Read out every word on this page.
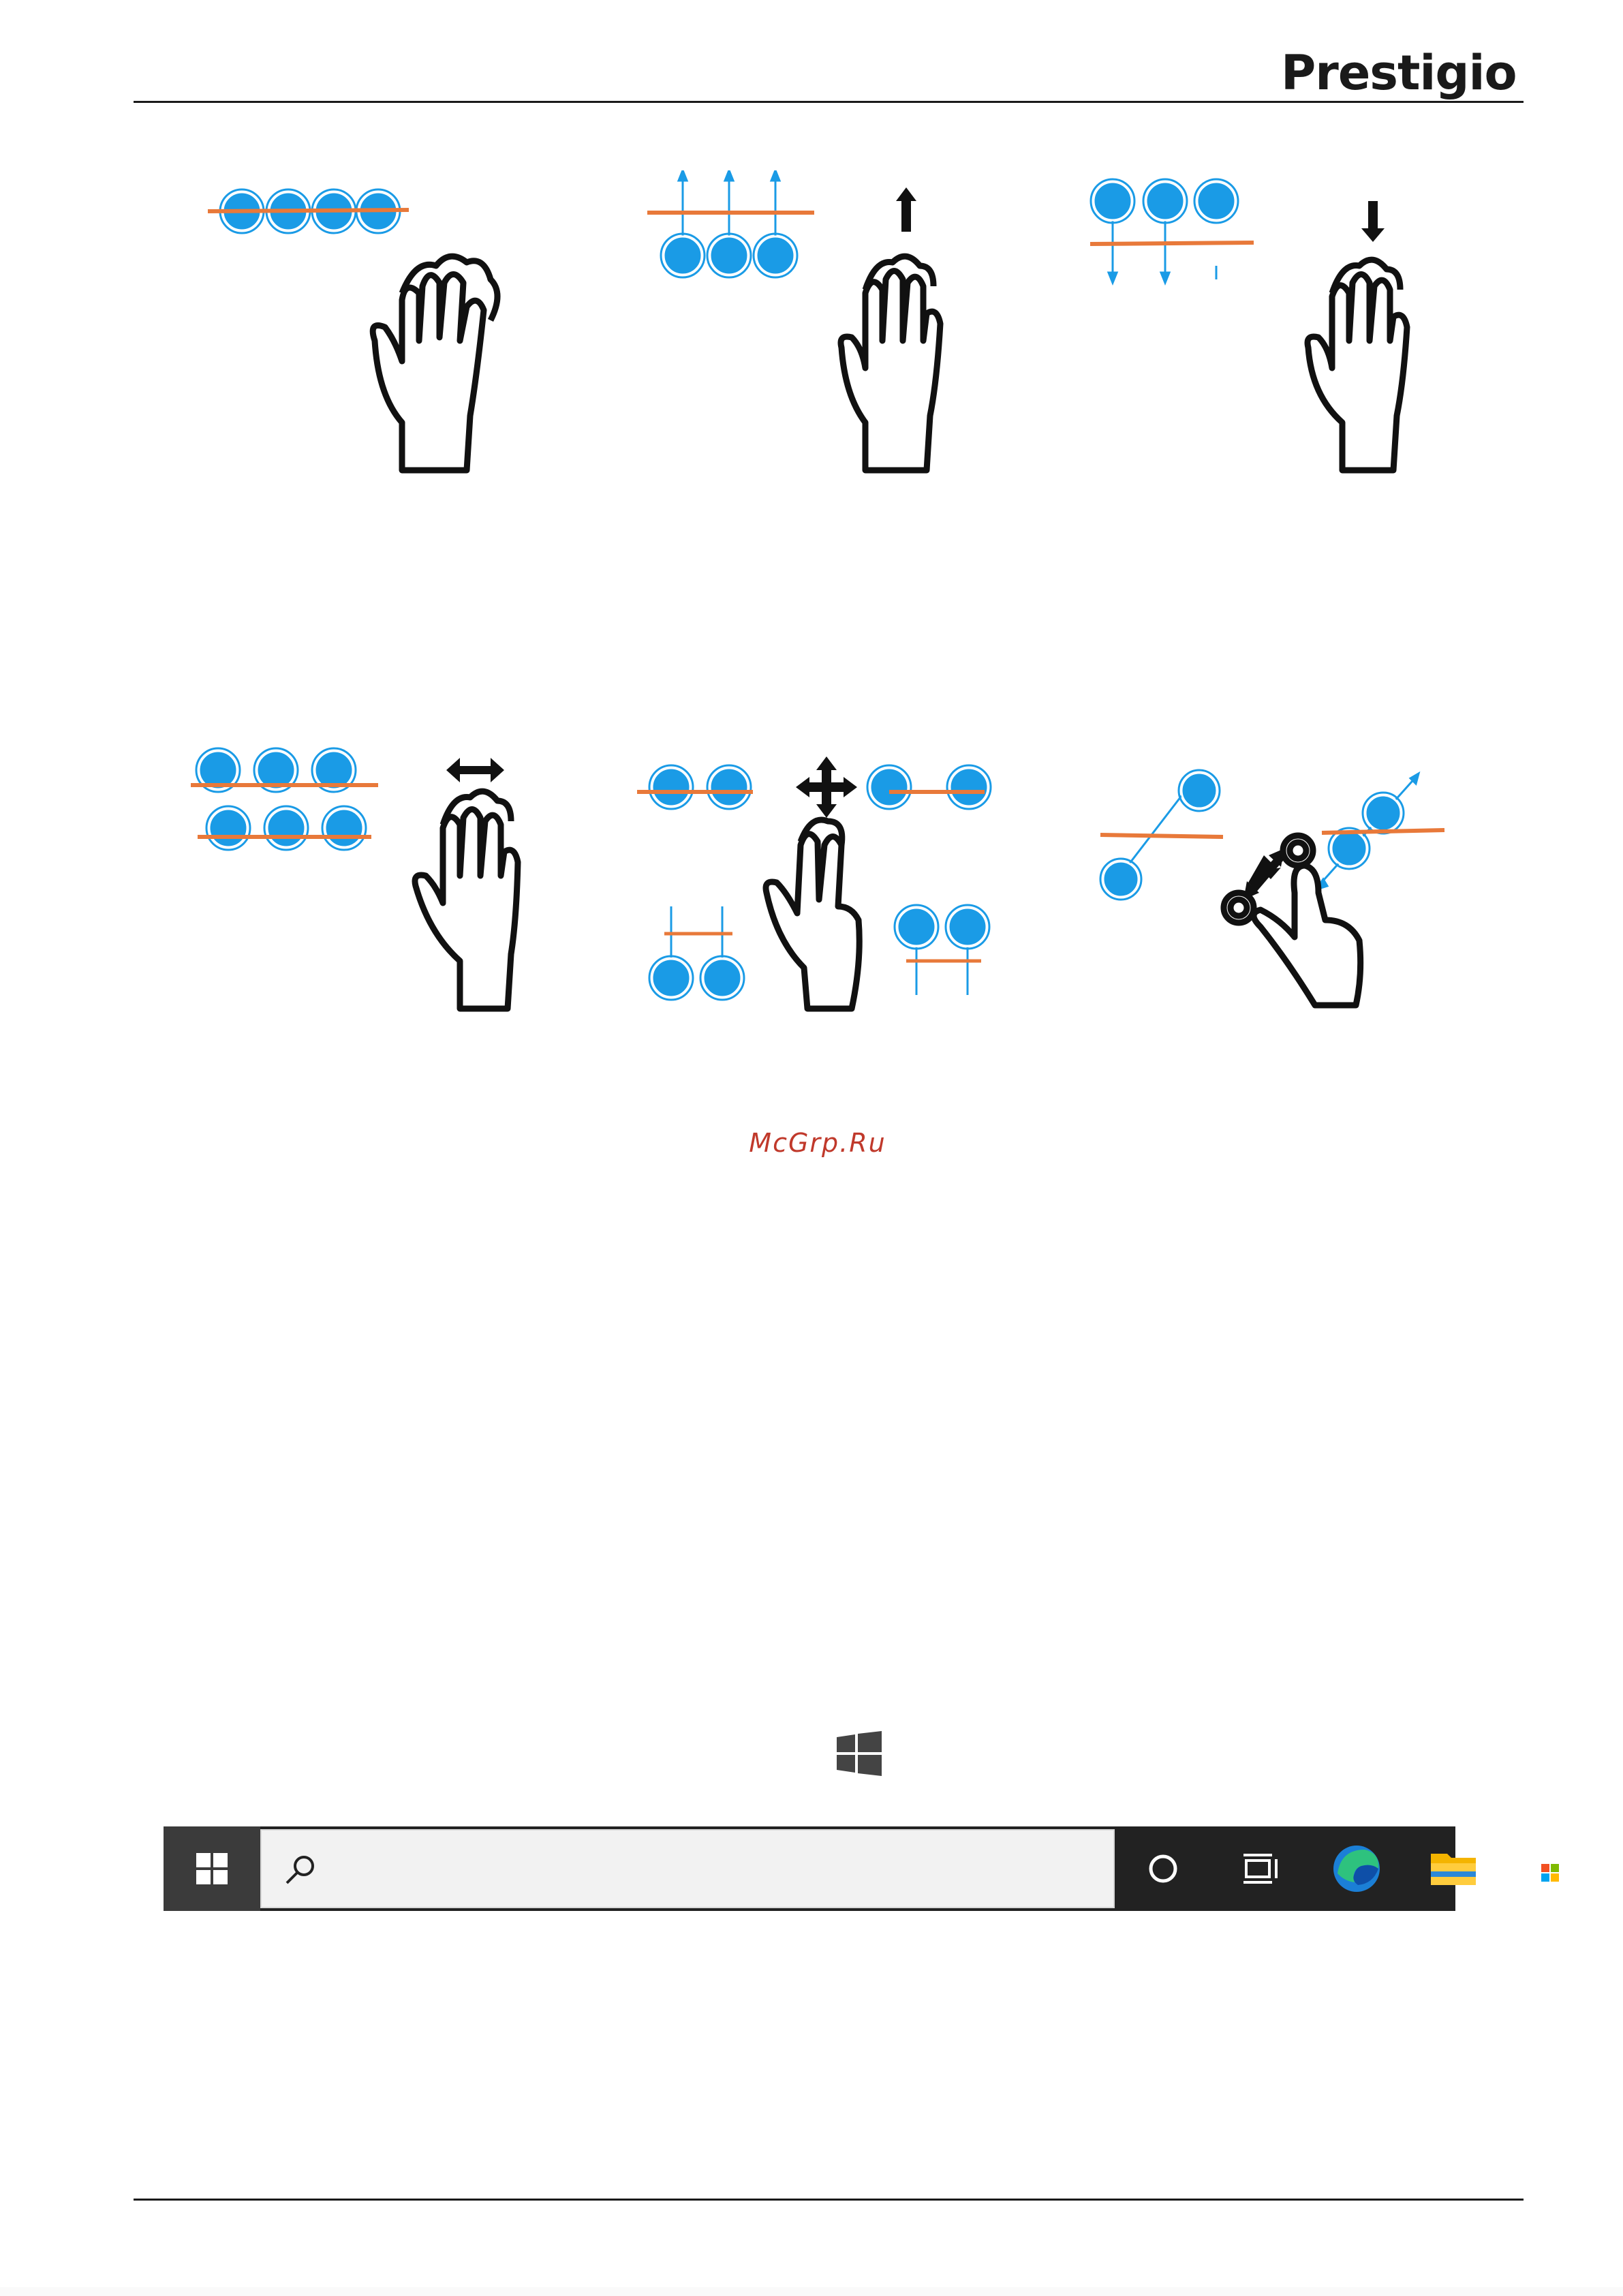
Prestigio
McGrp.Ru
